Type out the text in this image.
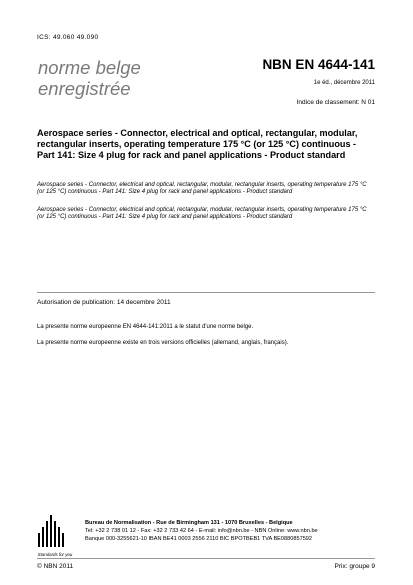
ICS: 49.060 49.090
norme belge
enregistrée
NBN EN 4644-141
1e éd., décembre 2011
Indice de classement: N 01
Aerospace series - Connector, electrical and optical, rectangular, modular, rectangular inserts, operating temperature 175 °C (or 125 °C) continuous - Part 141: Size 4 plug for rack and panel applications - Product standard
Aerospace series - Connector, electrical and optical, rectangular, modular, rectangular inserts, operating temperature 175 °C (or 125 °C) continuous - Part 141: Size 4 plug for rack and panel applications - Product standard
Aerospace series - Connector, electrical and optical, rectangular, modular, rectangular inserts, operating temperature 175 °C (or 125 °C) continuous - Part 141: Size 4 plug for rack and panel applications - Product standard
Autorisation de publication: 14 decembre 2011
La presente norme europeenne EN 4644-141:2011 a le statut d'une norme belge.
La presente norme europeenne existe en trois versions officielles (allemand, anglais, français).
Standards for you
Bureau de Normalisation - Rue de Birmingham 131 - 1070 Bruxelles - Belgique
Tel: +32 2 738 01 12 - Fax: +32 2 733 42 64 - E-mail: info@nbn.be - NBN Online: www.nbn.be
Banque 000-3255621-10 IBAN BE41 0003 2556 2110 BIC BPOTBEB1 TVA BE0880857592
© NBN 2011	Prix: groupe 9
